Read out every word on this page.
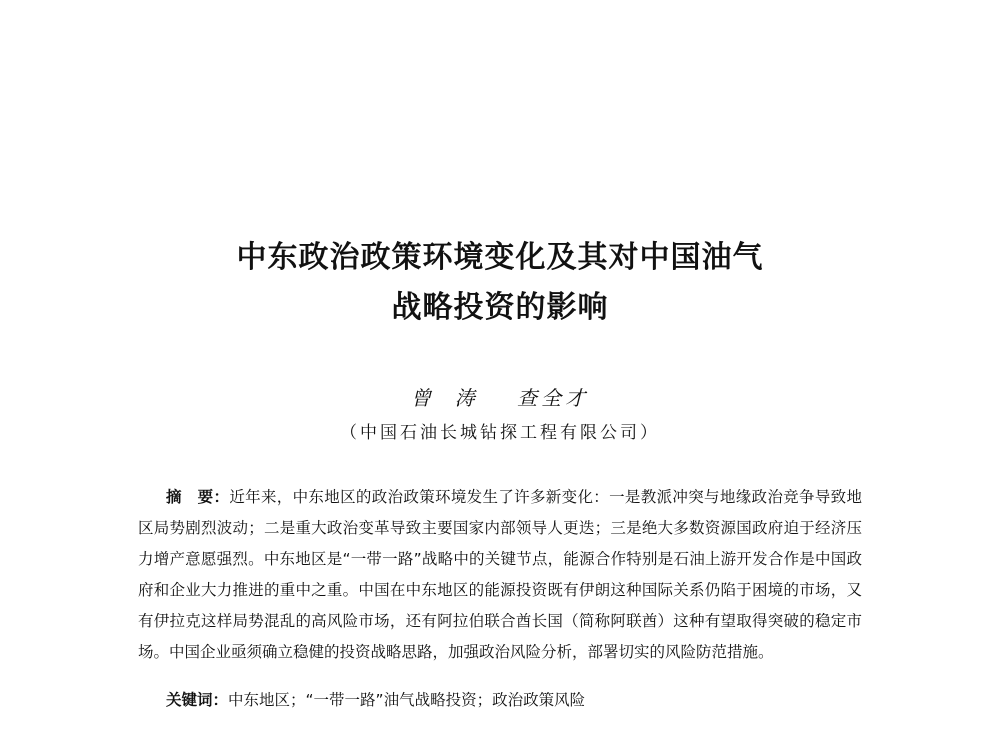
中东政治政策环境变化及其对中国油气
战略投资的影响
曾涛 查全才
（中国石油长城钻探工程有限公司）
摘　要：近年来，中东地区的政治政策环境发生了许多新变化：一是教派冲突与地缘政治竞争导致地区局势剧烈波动；二是重大政治变革导致主要国家内部领导人更迭；三是绝大多数资源国政府迫于经济压力增产意愿强烈。中东地区是“一带一路”战略中的关键节点，能源合作特别是石油上游开发合作是中国政府和企业大力推进的重中之重。中国在中东地区的能源投资既有伊朗这种国际关系仍陷于困境的市场，又有伊拉克这样局势混乱的高风险市场，还有阿拉伯联合酋长国（简称阿联酋）这种有望取得突破的稳定市场。中国企业亟须确立稳健的投资战略思路，加强政治风险分析，部署切实的风险防范措施。
关键词：中东地区；“一带一路”油气战略投资；政治政策风险
